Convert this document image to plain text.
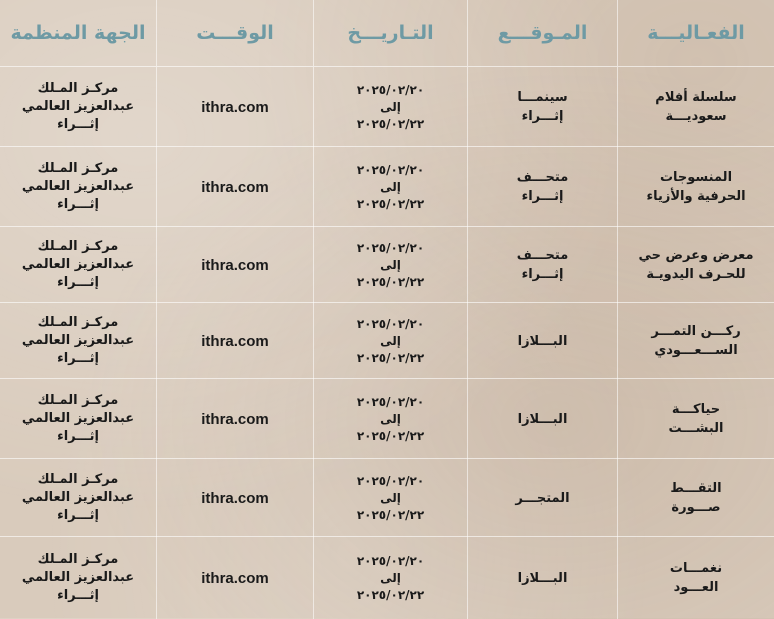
الفعـاليـــة
المـوقـــع
التـاريـــخ
الوقـــت
الجهة المنظمة
سلسلة أفلام
سعوديـــة
سينمـــا
إثـــراء
٢٠٢٥/٠٢/٢٠
إلى
٢٠٢٥/٠٢/٢٢
ithra.com
مركـز المـلك
عبدالعزيز العالمي
إثـــراء
المنسوجات
الحرفية والأزياء
متحـــف
إثـــراء
٢٠٢٥/٠٢/٢٠
إلى
٢٠٢٥/٠٢/٢٢
ithra.com
مركـز المـلك
عبدالعزيز العالمي
إثـــراء
معرض وعرض حي
للحـرف اليدويـة
متحـــف
إثـــراء
٢٠٢٥/٠٢/٢٠
إلى
٢٠٢٥/٠٢/٢٢
ithra.com
مركـز المـلك
عبدالعزيز العالمي
إثـــراء
ركـــن التمـــر
الســـعـــودي
البـــلازا
٢٠٢٥/٠٢/٢٠
إلى
٢٠٢٥/٠٢/٢٢
ithra.com
مركـز المـلك
عبدالعزيز العالمي
إثـــراء
حياكـــة
البشـــت
البـــلازا
٢٠٢٥/٠٢/٢٠
إلى
٢٠٢٥/٠٢/٢٢
ithra.com
مركـز المـلك
عبدالعزيز العالمي
إثـــراء
التقـــط
صـــورة
المتجـــر
٢٠٢٥/٠٢/٢٠
إلى
٢٠٢٥/٠٢/٢٢
ithra.com
مركـز المـلك
عبدالعزيز العالمي
إثـــراء
نغمـــات
العـــود
البـــلازا
٢٠٢٥/٠٢/٢٠
إلى
٢٠٢٥/٠٢/٢٢
ithra.com
مركـز المـلك
عبدالعزيز العالمي
إثـــراء
